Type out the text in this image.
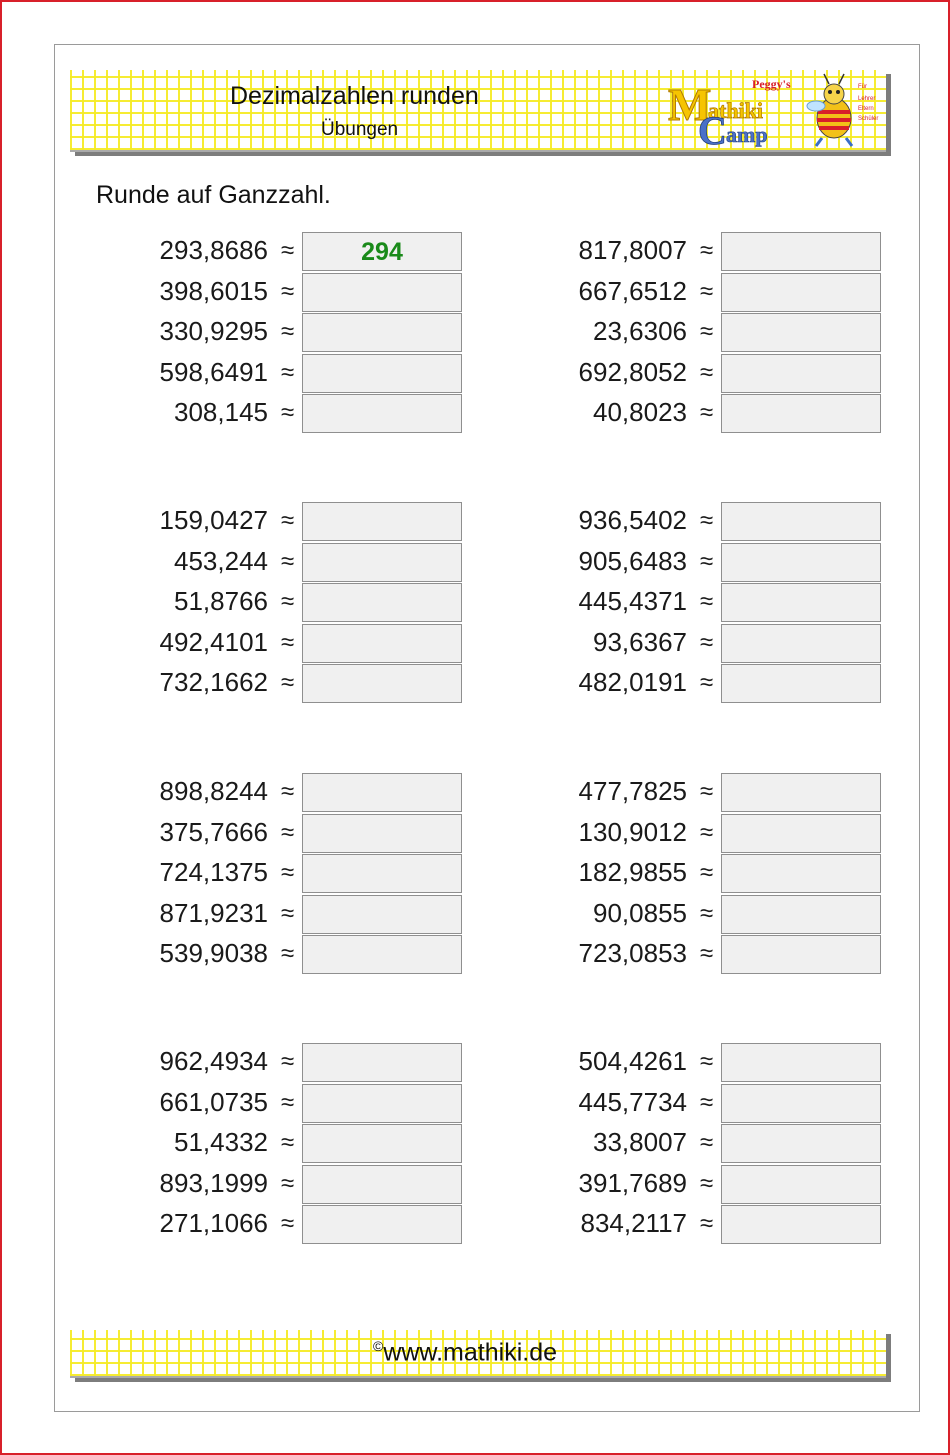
Dezimalzahlen runden
Übungen
Peggy's
M
athiki
C amp
Für
Lehrer
Eltern
Schüler
Runde auf Ganzzahl.
293,8686 ≈	294
398,6015 ≈
330,9295 ≈
598,6491 ≈
308,145 ≈
817,8007 ≈
667,6512 ≈
23,6306 ≈
692,8052 ≈
40,8023 ≈
159,0427 ≈
453,244 ≈
51,8766 ≈
492,4101 ≈
732,1662 ≈
936,5402 ≈
905,6483 ≈
445,4371 ≈
93,6367 ≈
482,0191 ≈
898,8244 ≈
375,7666 ≈
724,1375 ≈
871,9231 ≈
539,9038 ≈
477,7825 ≈
130,9012 ≈
182,9855 ≈
90,0855 ≈
723,0853 ≈
962,4934 ≈
661,0735 ≈
51,4332 ≈
893,1999 ≈
271,1066 ≈
504,4261 ≈
445,7734 ≈
33,8007 ≈
391,7689 ≈
834,2117 ≈
©www.mathiki.de
